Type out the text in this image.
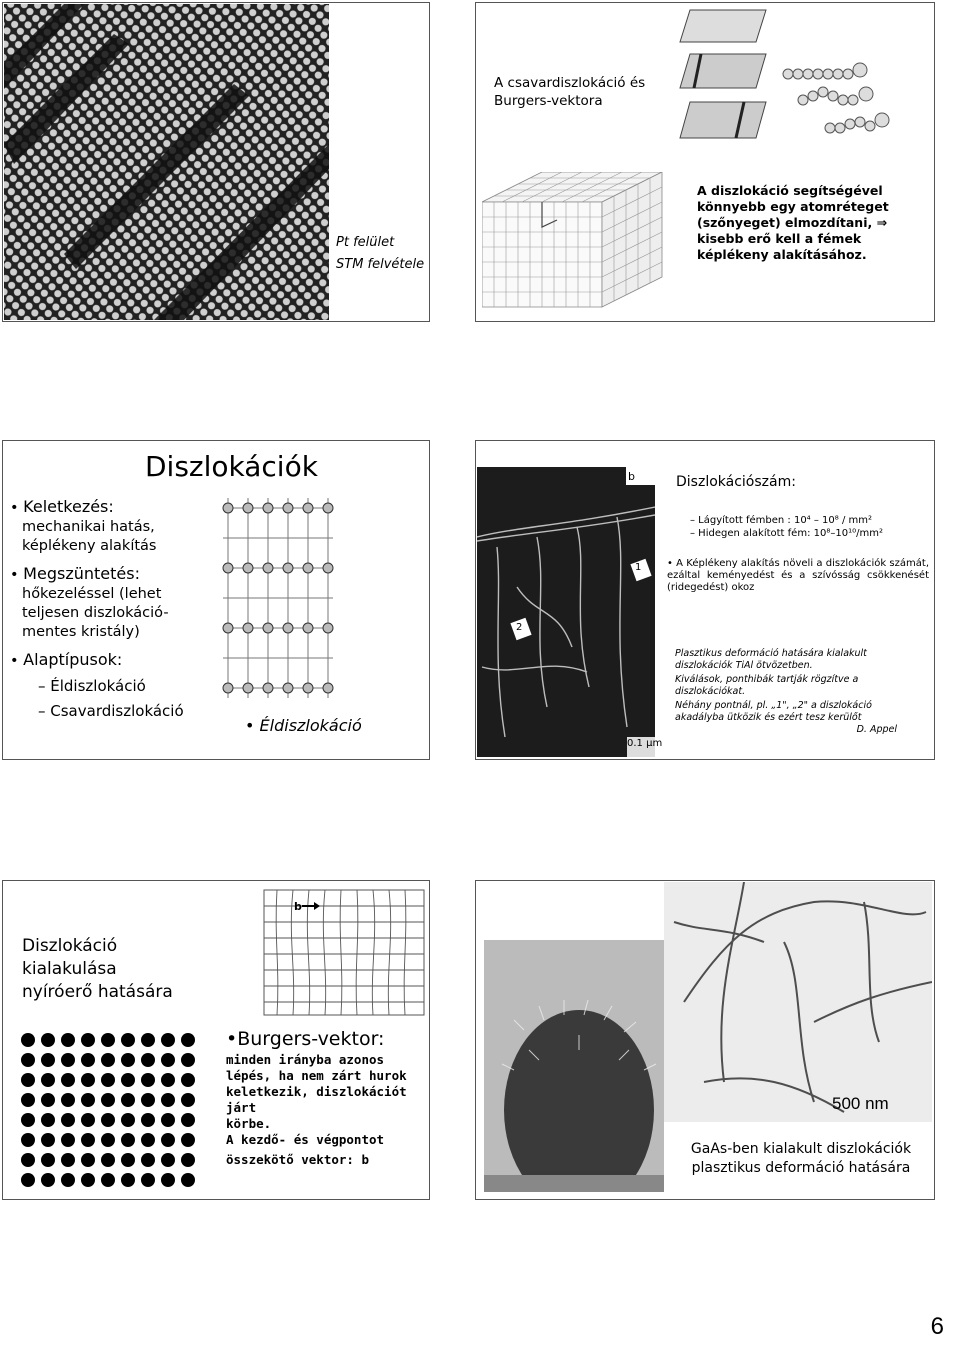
Pt felület
STM felvétele
A csavardiszlokáció és
Burgers-vektora
A diszlokáció segítségével
könnyebb egy atomréteget
(szőnyeget) elmozdítani, ⇒
kisebb erő kell a fémek
képlékeny alakításához.
Diszlokációk
• Keletkezés:
mechanikai hatás,
képlékeny alakítás
• Megszüntetés:
hőkezeléssel (lehet
teljesen diszlokáció-
mentes kristály)
• Alaptípusok:
– Éldiszlokáció
– Csavardiszlokáció
• Éldiszlokáció
b
1
2
0.1 μm
Diszlokációszám:
– Lágyított fémben : 10⁴ – 10⁸ / mm²
– Hidegen alakított fém: 10⁸–10¹⁰/mm²
• A Képlékeny alakítás növeli a diszlokációk számát, ezáltal keményedést és a szívósság csökkenését (ridegedést) okoz
Plasztikus deformáció hatására kialakult diszlokációk TiAl ötvözetben.
Kiválások, ponthibák tartják rögzítve a diszlokációkat.
Néhány pontnál, pl. „1", „2" a diszlokáció akadályba ütközik és ezért tesz kerülőt
D. Appel
Diszlokáció
kialakulása
nyíróerő hatására
b
•Burgers-vektor:
minden irányba azonos
lépés, ha nem zárt hurok
keletkezik, diszlokációt járt
körbe.
A kezdő- és végpontot
összekötő vektor: b
500 nm
GaAs-ben kialakult diszlokációk
plasztikus deformáció hatására
6
